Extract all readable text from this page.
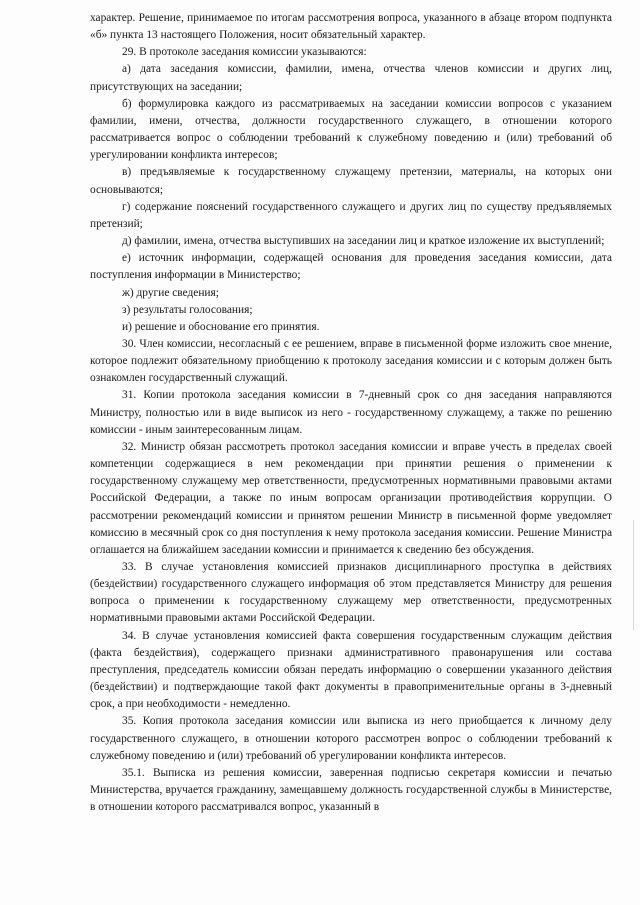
характер. Решение, принимаемое по итогам рассмотрения вопроса, указанного в абзаце втором подпункта «б» пункта 13 настоящего Положения, носит обязательный характер.

29. В протоколе заседания комиссии указываются:

а) дата заседания комиссии, фамилии, имена, отчества членов комиссии и других лиц, присутствующих на заседании;

б) формулировка каждого из рассматриваемых на заседании комиссии вопросов с указанием фамилии, имени, отчества, должности государственного служащего, в отношении которого рассматривается вопрос о соблюдении требований к служебному поведению и (или) требований об урегулировании конфликта интересов;

в) предъявляемые к государственному служащему претензии, материалы, на которых они основываются;

г) содержание пояснений государственного служащего и других лиц по существу предъявляемых претензий;

д) фамилии, имена, отчества выступивших на заседании лиц и краткое изложение их выступлений;

е) источник информации, содержащей основания для проведения заседания комиссии, дата поступления информации в Министерство;

ж) другие сведения;

з) результаты голосования;

и) решение и обоснование его принятия.

30. Член комиссии, несогласный с ее решением, вправе в письменной форме изложить свое мнение, которое подлежит обязательному приобщению к протоколу заседания комиссии и с которым должен быть ознакомлен государственный служащий.

31. Копии протокола заседания комиссии в 7-дневный срок со дня заседания направляются Министру, полностью или в виде выписок из него - государственному служащему, а также по решению комиссии - иным заинтересованным лицам.

32. Министр обязан рассмотреть протокол заседания комиссии и вправе учесть в пределах своей компетенции содержащиеся в нем рекомендации при принятии решения о применении к государственному служащему мер ответственности, предусмотренных нормативными правовыми актами Российской Федерации, а также по иным вопросам организации противодействия коррупции. О рассмотрении рекомендаций комиссии и принятом решении Министр в письменной форме уведомляет комиссию в месячный срок со дня поступления к нему протокола заседания комиссии. Решение Министра оглашается на ближайшем заседании комиссии и принимается к сведению без обсуждения.

33. В случае установления комиссией признаков дисциплинарного проступка в действиях (бездействии) государственного служащего информация об этом представляется Министру для решения вопроса о применении к государственному служащему мер ответственности, предусмотренных нормативными правовыми актами Российской Федерации.

34. В случае установления комиссией факта совершения государственным служащим действия (факта бездействия), содержащего признаки административного правонарушения или состава преступления, председатель комиссии обязан передать информацию о совершении указанного действия (бездействии) и подтверждающие такой факт документы в правоприменительные органы в 3-дневный срок, а при необходимости - немедленно.

35. Копия протокола заседания комиссии или выписка из него приобщается к личному делу государственного служащего, в отношении которого рассмотрен вопрос о соблюдении требований к служебному поведению и (или) требований об урегулировании конфликта интересов.

35.1. Выписка из решения комиссии, заверенная подписью секретаря комиссии и печатью Министерства, вручается гражданину, замещавшему должность государственной службы в Министерстве, в отношении которого рассматривался вопрос, указанный в
